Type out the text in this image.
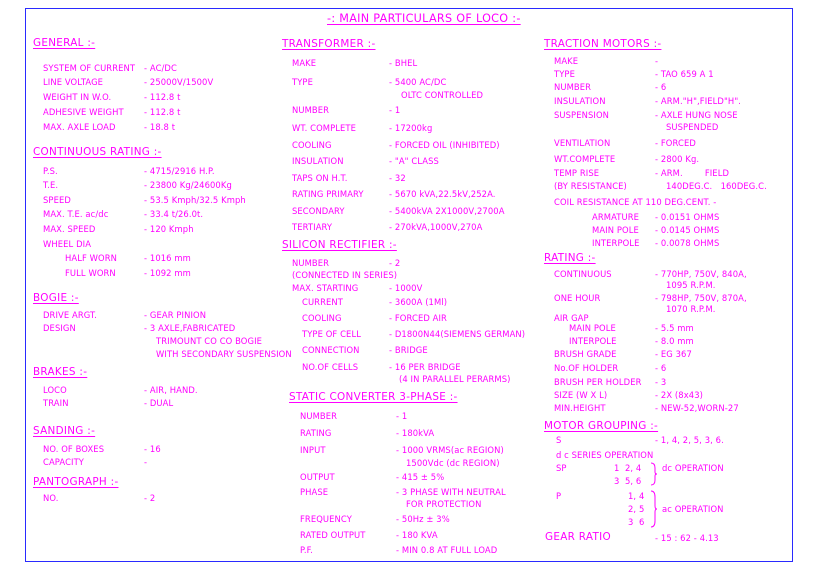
-: MAIN PARTICULARS OF LOCO :-
GENERAL :-
SYSTEM OF CURRENT - AC/DC
LINE VOLTAGE	- 25000V/1500V
WEIGHT IN W.O.	- 112.8 t
ADHESIVE WEIGHT - 112.8 t
MAX. AXLE LOAD	- 18.8 t
CONTINUOUS RATING :-
P.S.	- 4715/2916 H.P.
T.E.	- 23800 Kg/24600Kg
SPEED	- 53.5 Kmph/32.5 Kmph
MAX. T.E. ac/dc	- 33.4 t/26.0t.
MAX. SPEED	- 120 Kmph
WHEEL DIA
HALF WORN	- 1016 mm
FULL WORN	- 1092 mm
BOGIE :-
DRIVE ARGT.	- GEAR PINION
DESIGN	- 3 AXLE,FABRICATED
TRIMOUNT CO CO BOGIE
WITH SECONDARY SUSPENSION
BRAKES :-
LOCO	- AIR, HAND.
TRAIN	- DUAL
SANDING :-
NO. OF BOXES	- 16
CAPACITY	-
PANTOGRAPH :-
NO.	- 2
TRANSFORMER :-
MAKE	- BHEL
TYPE	- 5400 AC/DC
OLTC CONTROLLED
NUMBER	- 1
WT. COMPLETE	- 17200kg
COOLING	- FORCED OIL (INHIBITED)
INSULATION	- "A" CLASS
TAPS ON H.T.	- 32
RATING PRIMARY	- 5670 kVA,22.5kV,252A.
SECONDARY	- 5400kVA 2X1000V,2700A
TERTIARY	- 270kVA,1000V,270A
SILICON RECTIFIER :-
NUMBER	- 2
(CONNECTED IN SERIES)
MAX. STARTING	- 1000V
CURRENT	- 3600A (1Ml)
COOLING	- FORCED AIR
TYPE OF CELL	- D1800N44(SIEMENS GERMAN)
CONNECTION	- BRIDGE
NO.OF CELLS	- 16 PER BRIDGE
(4 IN PARALLEL PERARMS)
STATIC CONVERTER 3-PHASE :-
NUMBER	- 1
RATING	- 180kVA
INPUT	- 1000 VRMS(ac REGION)
1500Vdc (dc REGION)
OUTPUT	- 415 ± 5%
PHASE	- 3 PHASE WITH NEUTRAL
FOR PROTECTION
FREQUENCY	- 50Hz ± 3%
RATED OUTPUT	- 180 KVA
P.F.	- MIN 0.8 AT FULL LOAD
TRACTION MOTORS :-
MAKE	-
TYPE	- TAO 659 A 1
NUMBER	- 6
INSULATION	- ARM."H",FIELD"H".
SUSPENSION	- AXLE HUNG NOSE
SUSPENDED
VENTILATION	- FORCED
WT.COMPLETE	- 2800 Kg.
TEMP RISE	- ARM.        FIELD
(BY RESISTANCE)	140DEG.C.   160DEG.C.
COIL RESISTANCE AT 110 DEG.CENT. -
ARMATURE - 0.0151 OHMS
MAIN POLE - 0.0145 OHMS
INTERPOLE - 0.0078 OHMS
RATING :-
CONTINUOUS	- 770HP, 750V, 840A,
1095 R.P.M.
ONE HOUR	- 798HP, 750V, 870A,
1070 R.P.M.
AIR GAP
MAIN POLE	- 5.5 mm
INTERPOLE	- 8.0 mm
BRUSH GRADE	- EG 367
No.OF HOLDER	- 6
BRUSH PER HOLDER - 3
SIZE (W X L)	- 2X (8x43)
MIN.HEIGHT	- NEW-52,WORN-27
MOTOR GROUPING :-
S	- 1, 4, 2, 5, 3, 6.
d c SERIES OPERATION
SP	1  2, 4
3  5, 6
dc OPERATION
P	1, 4
2, 5
3  6
ac OPERATION
GEAR RATIO	- 15 : 62 - 4.13
